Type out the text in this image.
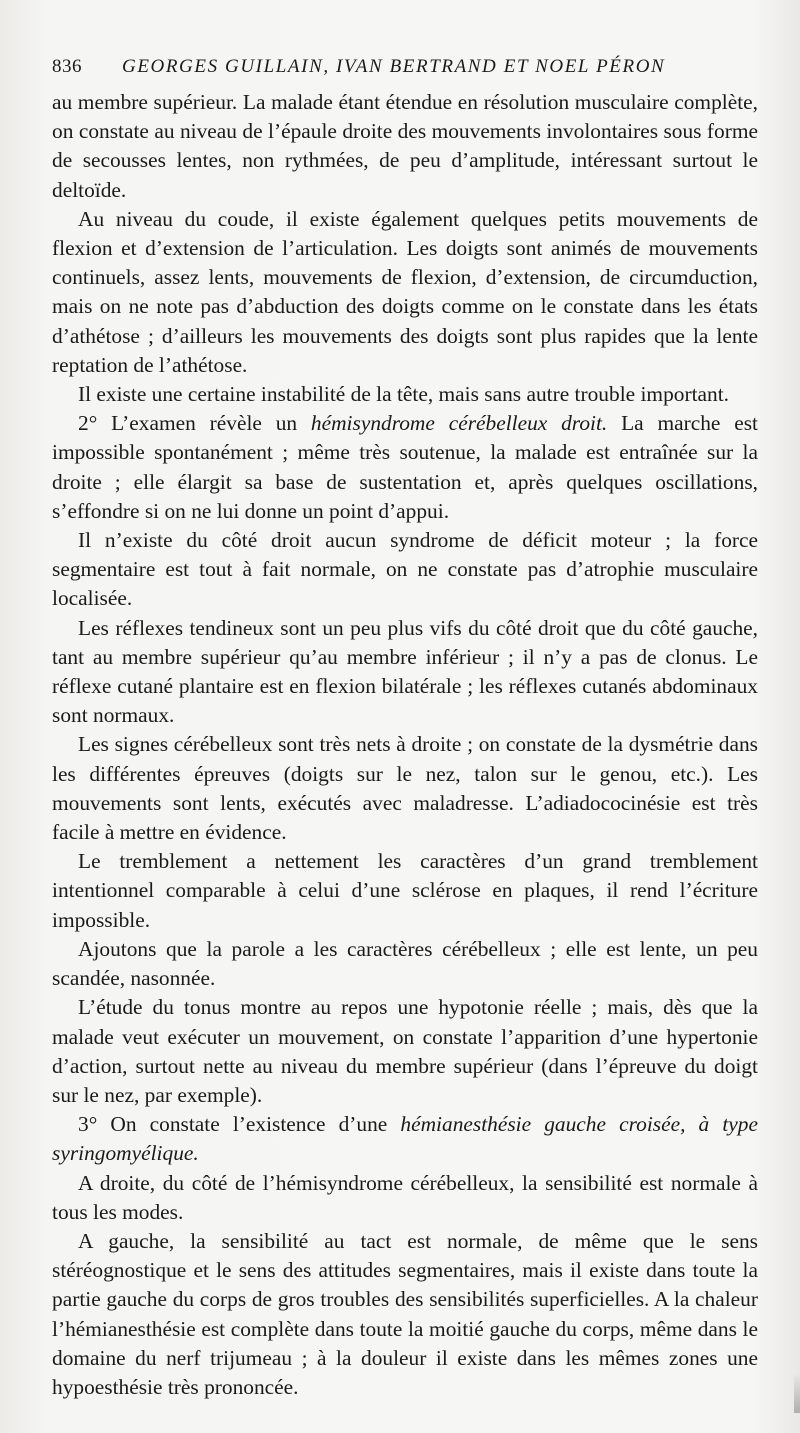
836 GEORGES GUILLAIN, IVAN BERTRAND ET NOEL PÉRON

au membre supérieur. La malade étant étendue en résolution musculaire complète, on constate au niveau de l’épaule droite des mouvements involontaires sous forme de secousses lentes, non rythmées, de peu d’amplitude, intéressant surtout le deltoïde.

Au niveau du coude, il existe également quelques petits mouvements de flexion et d’extension de l’articulation. Les doigts sont animés de mouvements continuels, assez lents, mouvements de flexion, d’extension, de circumduction, mais on ne note pas d’abduction des doigts comme on le constate dans les états d’athétose ; d’ailleurs les mouvements des doigts sont plus rapides que la lente reptation de l’athétose.

Il existe une certaine instabilité de la tête, mais sans autre trouble important.

2° L’examen révèle un hémisyndrome cérébelleux droit. La marche est impossible spontanément ; même très soutenue, la malade est entraînée sur la droite ; elle élargit sa base de sustentation et, après quelques oscillations, s’effondre si on ne lui donne un point d’appui.

Il n’existe du côté droit aucun syndrome de déficit moteur ; la force segmentaire est tout à fait normale, on ne constate pas d’atrophie musculaire localisée.

Les réflexes tendineux sont un peu plus vifs du côté droit que du côté gauche, tant au membre supérieur qu’au membre inférieur ; il n’y a pas de clonus. Le réflexe cutané plantaire est en flexion bilatérale ; les réflexes cutanés abdominaux sont normaux.

Les signes cérébelleux sont très nets à droite ; on constate de la dysmétrie dans les différentes épreuves (doigts sur le nez, talon sur le genou, etc.). Les mouvements sont lents, exécutés avec maladresse. L’adiadococinésie est très facile à mettre en évidence.

Le tremblement a nettement les caractères d’un grand tremblement intentionnel comparable à celui d’une sclérose en plaques, il rend l’écriture impossible.

Ajoutons que la parole a les caractères cérébelleux ; elle est lente, un peu scandée, nasonnée.

L’étude du tonus montre au repos une hypotonie réelle ; mais, dès que la malade veut exécuter un mouvement, on constate l’apparition d’une hypertonie d’action, surtout nette au niveau du membre supérieur (dans l’épreuve du doigt sur le nez, par exemple).

3° On constate l’existence d’une hémianesthésie gauche croisée, à type syringomyélique.

A droite, du côté de l’hémisyndrome cérébelleux, la sensibilité est normale à tous les modes.

A gauche, la sensibilité au tact est normale, de même que le sens stéréognostique et le sens des attitudes segmentaires, mais il existe dans toute la partie gauche du corps de gros troubles des sensibilités superficielles. A la chaleur l’hémianesthésie est complète dans toute la moitié gauche du corps, même dans le domaine du nerf trijumeau ; à la douleur il existe dans les mêmes zones une hypoesthésie très prononcée.
